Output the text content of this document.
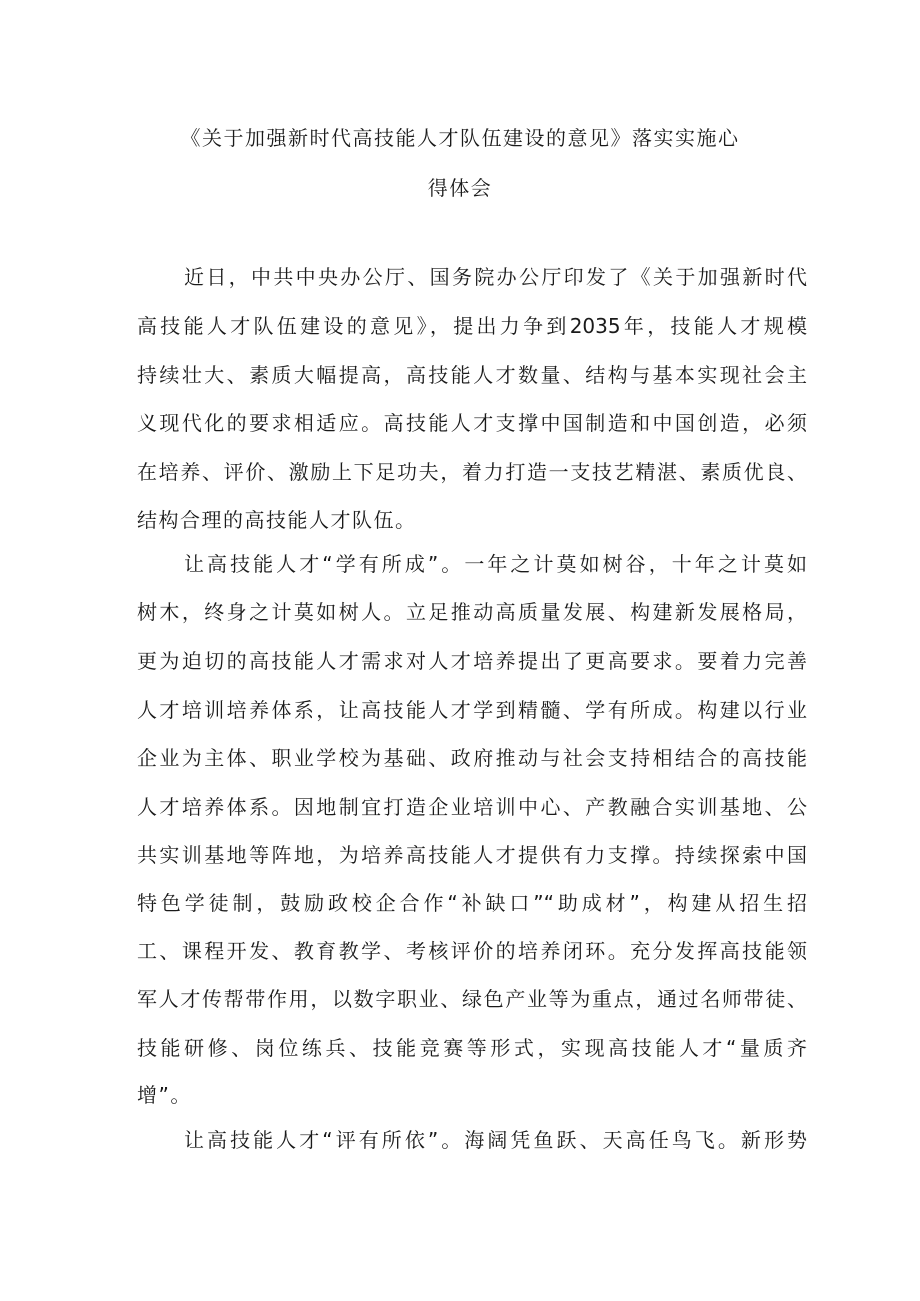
《关于加强新时代高技能人才队伍建设的意见》落实实施心
得体会
近日，中共中央办公厅、国务院办公厅印发了《关于加强新时代
高技能人才队伍建设的意见》，提出力争到2035年，技能人才规模
持续壮大、素质大幅提高，高技能人才数量、结构与基本实现社会主
义现代化的要求相适应。高技能人才支撑中国制造和中国创造，必须
在培养、评价、激励上下足功夫，着力打造一支技艺精湛、素质优良、
结构合理的高技能人才队伍。
让高技能人才“学有所成”。一年之计莫如树谷，十年之计莫如
树木，终身之计莫如树人。立足推动高质量发展、构建新发展格局，
更为迫切的高技能人才需求对人才培养提出了更高要求。要着力完善
人才培训培养体系，让高技能人才学到精髓、学有所成。构建以行业
企业为主体、职业学校为基础、政府推动与社会支持相结合的高技能
人才培养体系。因地制宜打造企业培训中心、产教融合实训基地、公
共实训基地等阵地，为培养高技能人才提供有力支撑。持续探索中国
特色学徒制，鼓励政校企合作“补缺口”“助成材”，构建从招生招
工、课程开发、教育教学、考核评价的培养闭环。充分发挥高技能领
军人才传帮带作用，以数字职业、绿色产业等为重点，通过名师带徒、
技能研修、岗位练兵、技能竞赛等形式，实现高技能人才“量质齐
增”。
让高技能人才“评有所依”。海阔凭鱼跃、天高任鸟飞。新形势
